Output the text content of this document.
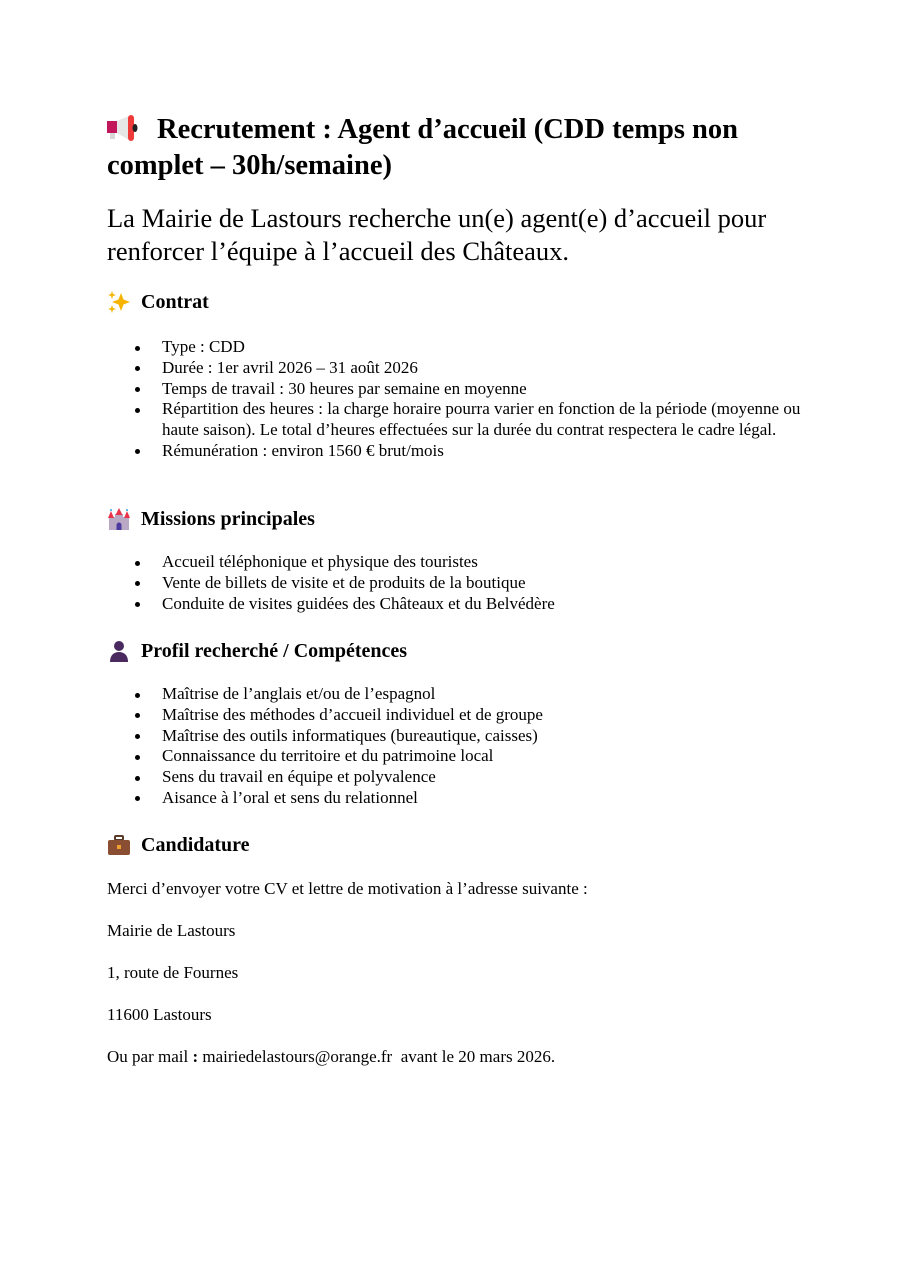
Recrutement : Agent d’accueil (CDD temps non complet – 30h/semaine)

La Mairie de Lastours recherche un(e) agent(e) d’accueil pour renforcer l’équipe à l’accueil des Châteaux.

Contrat
Type : CDD
Durée : 1er avril 2026 – 31 août 2026
Temps de travail : 30 heures par semaine en moyenne
Répartition des heures : la charge horaire pourra varier en fonction de la période (moyenne ou haute saison). Le total d’heures effectuées sur la durée du contrat respectera le cadre légal.
Rémunération : environ 1560 € brut/mois
Missions principales
Accueil téléphonique et physique des touristes
Vente de billets de visite et de produits de la boutique
Conduite de visites guidées des Châteaux et du Belvédère
Profil recherché / Compétences
Maîtrise de l’anglais et/ou de l’espagnol
Maîtrise des méthodes d’accueil individuel et de groupe
Maîtrise des outils informatiques (bureautique, caisses)
Connaissance du territoire et du patrimoine local
Sens du travail en équipe et polyvalence
Aisance à l’oral et sens du relationnel
Candidature

Merci d’envoyer votre CV et lettre de motivation à l’adresse suivante :

Mairie de Lastours

1, route de Fournes

11600 Lastours

Ou par mail : mairiedelastours@orange.fr  avant le 20 mars 2026.
